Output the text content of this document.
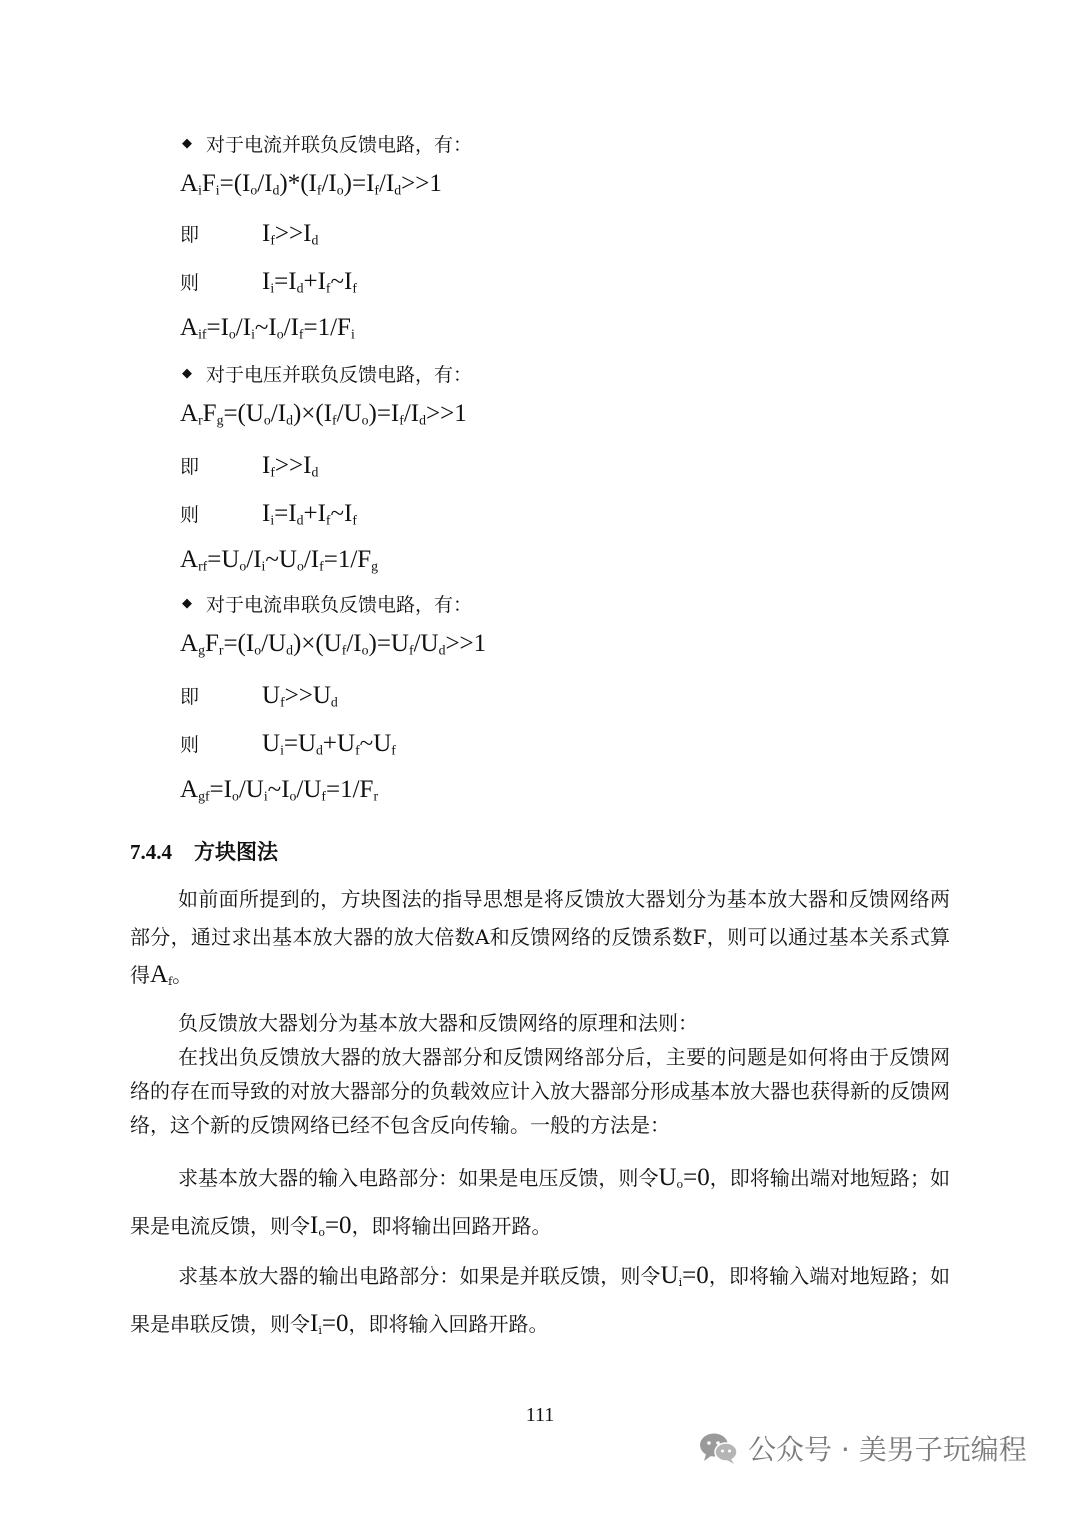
◆ 对于电流并联负反馈电路，有：
$A_iF_i=(I_o/I_d)*(I_f/I_o)=I_f/I_d>>1$
即	$I_f>>I_d$
则	$I_i=I_d+I_f\sim I_f$
$A_{if}=I_o/I_i\sim I_o/I_f=1/F_i$
◆ 对于电压并联负反馈电路，有：
$A_rF_g=(U_o/I_d)\times(I_f/U_o)=I_f/I_d>>1$
即	$I_f>>I_d$
则	$I_i=I_d+I_f\sim I_f$
$A_{rf}=U_o/I_i\sim U_o/I_f=1/F_g$
◆ 对于电流串联负反馈电路，有：
$A_gF_r=(I_o/U_d)\times(U_f/I_o)=U_f/U_d>>1$
即	$U_f>>U_d$
则	$U_i=U_d+U_f\sim U_f$
$A_{gf}=I_o/U_i\sim I_o/U_f=1/F_r$
7.4.4 方块图法
如前面所提到的，方块图法的指导思想是将反馈放大器划分为基本放大器和反馈网络两部分，通过求出基本放大器的放大倍数A和反馈网络的反馈系数F，则可以通过基本关系式算得$A_f$。
负反馈放大器划分为基本放大器和反馈网络的原理和法则：
在找出负反馈放大器的放大器部分和反馈网络部分后，主要的问题是如何将由于反馈网络的存在而导致的对放大器部分的负载效应计入放大器部分形成基本放大器也获得新的反馈网络，这个新的反馈网络已经不包含反向传输。一般的方法是：
求基本放大器的输入电路部分：如果是电压反馈，则令$U_o=0$，即将输出端对地短路；如果是电流反馈，则令$I_o=0$，即将输出回路开路。
求基本放大器的输出电路部分：如果是并联反馈，则令$U_i=0$，即将输入端对地短路；如果是串联反馈，则令$I_i=0$，即将输入回路开路。
111
公众号 · 美男子玩编程
